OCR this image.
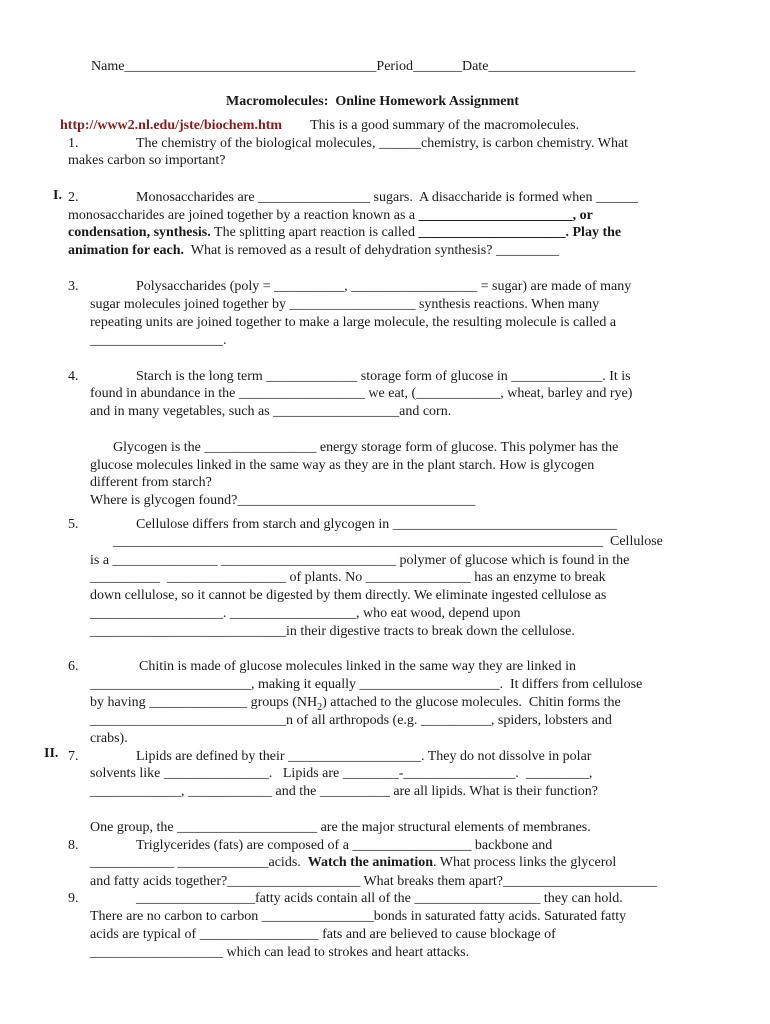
Name____________________________________Period_______Date_____________________
Macromolecules:  Online Homework Assignment
http://www2.nl.edu/jste/biochem.htm This is a good summary of the macromolecules.
1.	The chemistry of the biological molecules, ______chemistry, is carbon chemistry. What
makes carbon so important?
I. 2.	Monosaccharides are ________________ sugars.  A disaccharide is formed when ______
monosaccharides are joined together by a reaction known as a ______________________, or
condensation, synthesis. The splitting apart reaction is called _____________________. Play the
animation for each.  What is removed as a result of dehydration synthesis? _________
3.	Polysaccharides (poly = __________, __________________ = sugar) are made of many
sugar molecules joined together by __________________ synthesis reactions. When many
repeating units are joined together to make a large molecule, the resulting molecule is called a
___________________.
4.	Starch is the long term _____________ storage form of glucose in _____________. It is
found in abundance in the __________________ we eat, (____________, wheat, barley and rye)
and in many vegetables, such as __________________and corn.
Glycogen is the ________________ energy storage form of glucose. This polymer has the
glucose molecules linked in the same way as they are in the plant starch. How is glycogen
different from starch?
Where is glycogen found?__________________________________
5.	Cellulose differs from starch and glycogen in ________________________________
______________________________________________________________________  Cellulose
is a _______________ _________________________ polymer of glucose which is found in the
__________  _________________ of plants. No _______________ has an enzyme to break
down cellulose, so it cannot be digested by them directly. We eliminate ingested cellulose as
___________________. __________________, who eat wood, depend upon
____________________________in their digestive tracts to break down the cellulose.
6.	Chitin is made of glucose molecules linked in the same way they are linked in
_______________________, making it equally ____________________.  It differs from cellulose
by having ______________ groups $(NH_2)$ attached to the glucose molecules.  Chitin forms the
____________________________n of all arthropods (e.g. __________, spiders, lobsters and
crabs).
II. 7.	Lipids are defined by their ___________________. They do not dissolve in polar
solvents like _______________.   Lipids are ________-________________.  _________,
_____________, ____________ and the __________ are all lipids. What is their function?
One group, the ____________________ are the major structural elements of membranes.
8.	Triglycerides (fats) are composed of a _________________ backbone and
____________ _____________acids.  Watch the animation. What process links the glycerol
and fatty acids together?___________________ What breaks them apart?______________________
9.	_________________fatty acids contain all of the __________________ they can hold.
There are no carbon to carbon ________________bonds in saturated fatty acids. Saturated fatty
acids are typical of _________________ fats and are believed to cause blockage of
___________________ which can lead to strokes and heart attacks.
